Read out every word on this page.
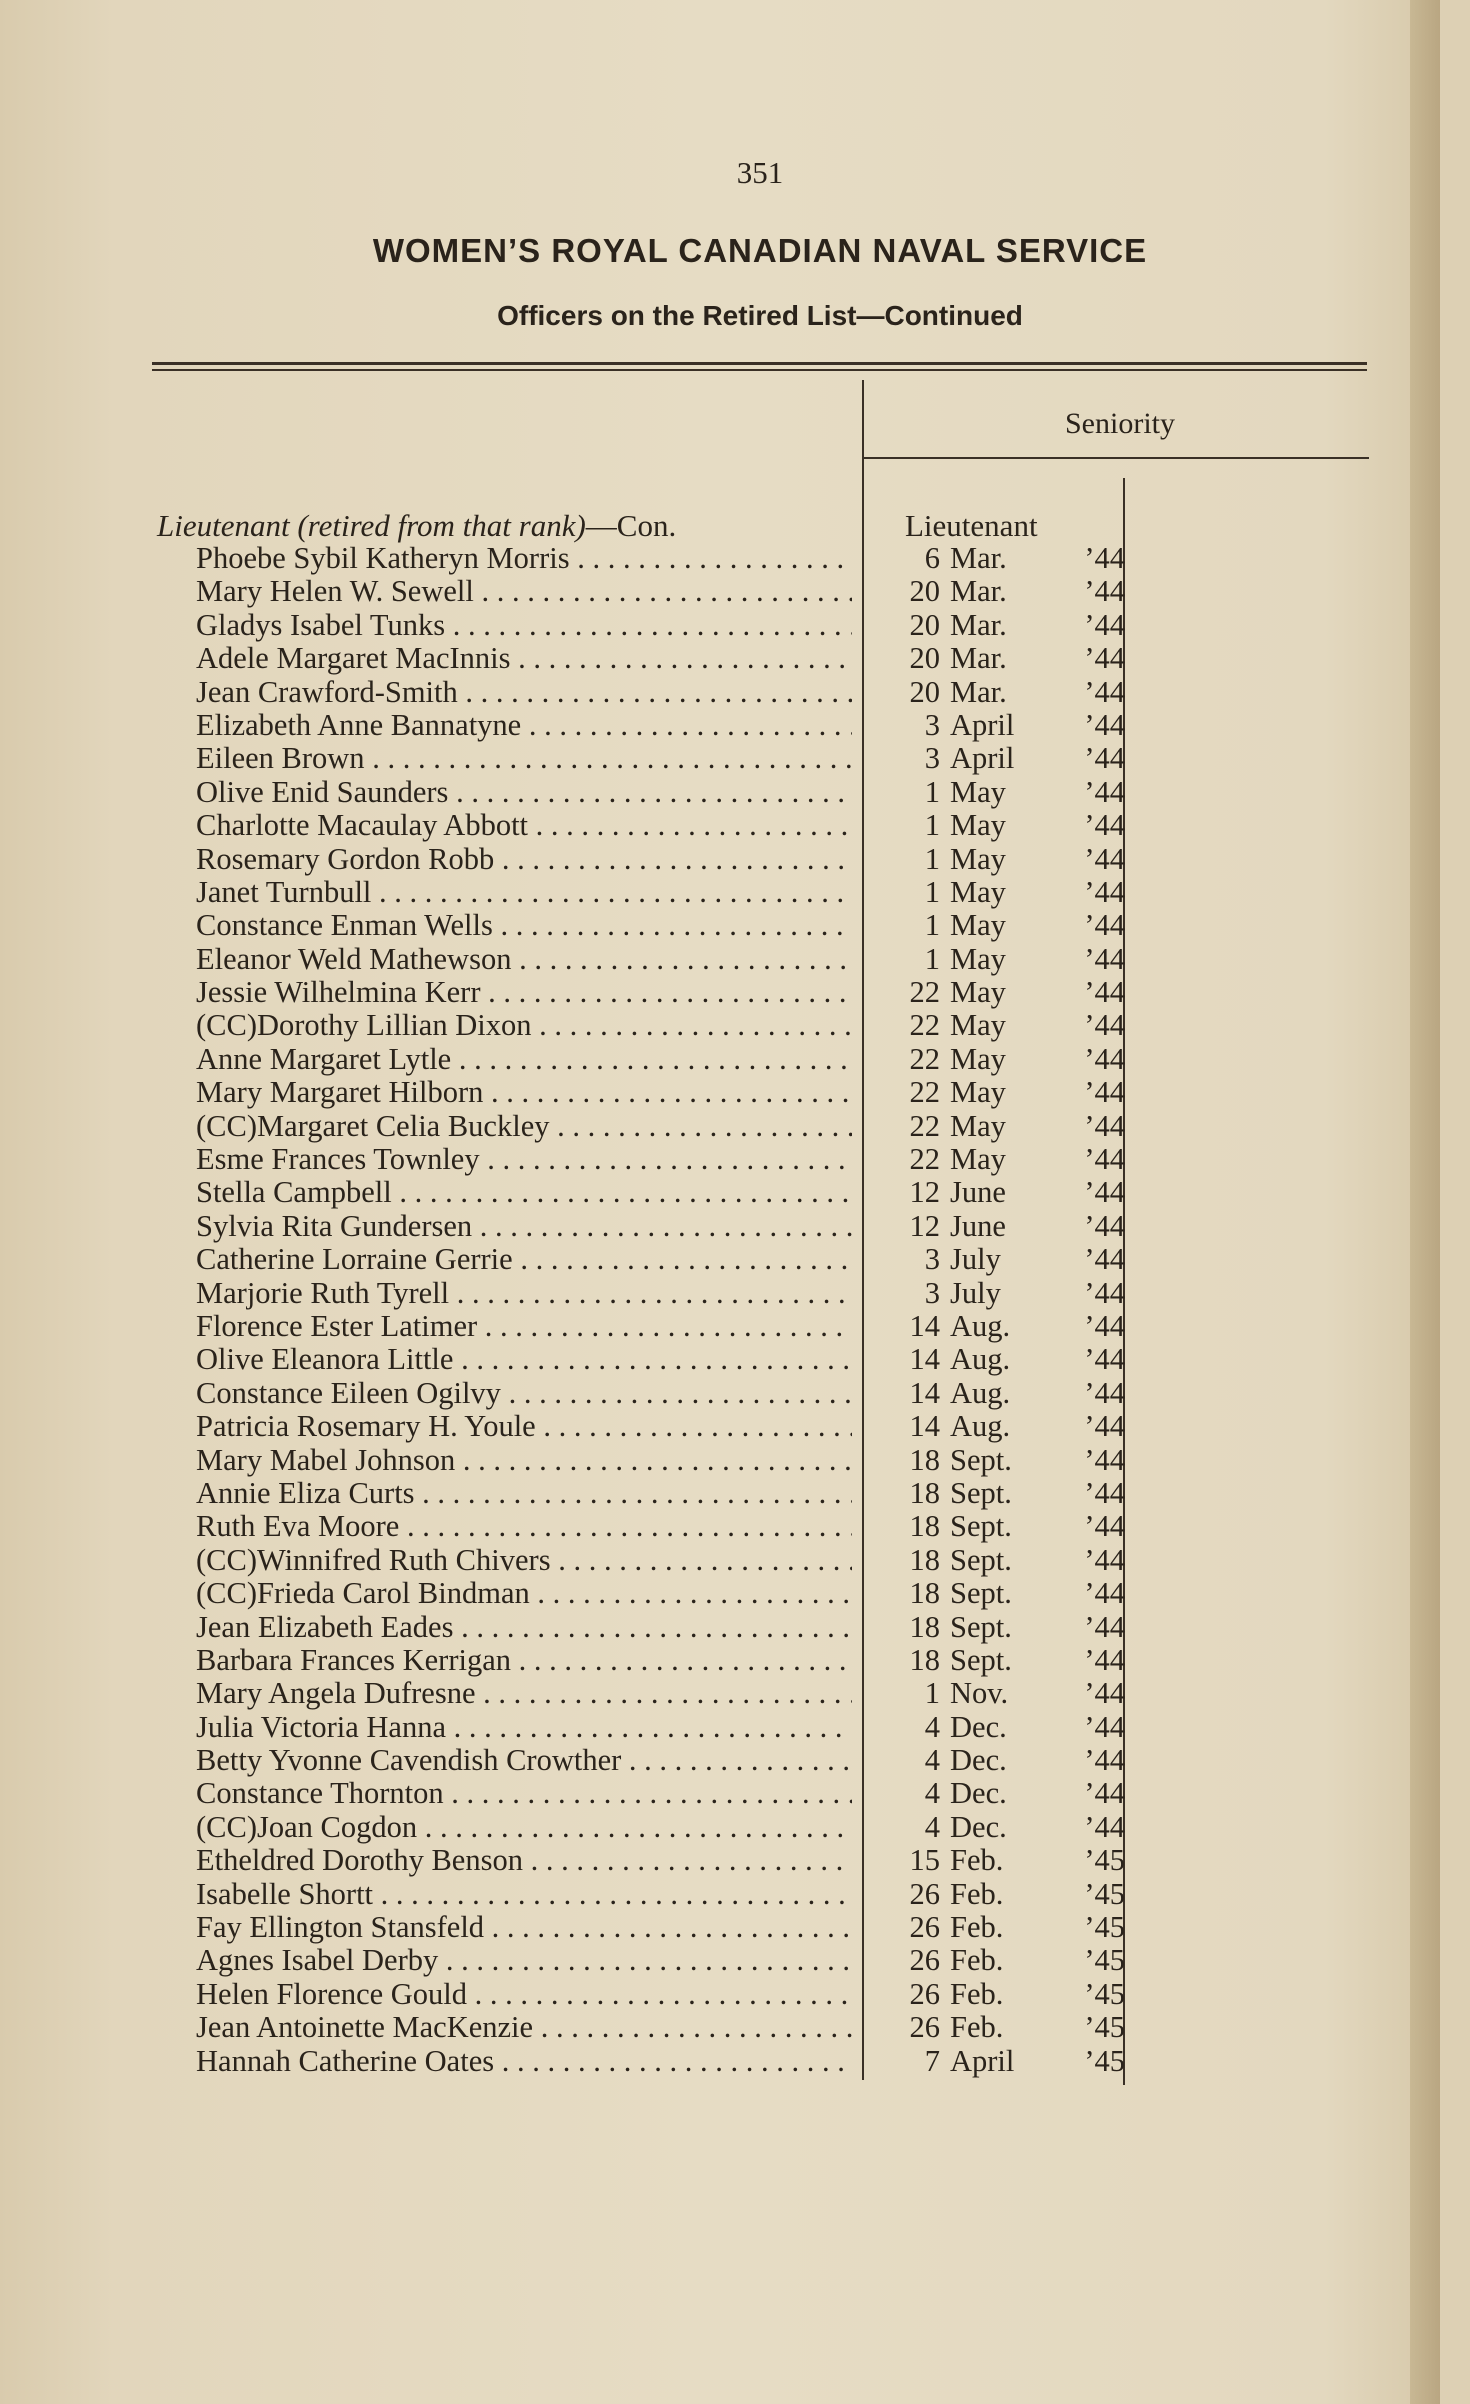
351
WOMEN’S ROYAL CANADIAN NAVAL SERVICE
Officers on the Retired List—Continued
Seniority
Lieutenant (retired from that rank)—Con.	Lieutenant
Phoebe Sybil Katheryn Morris . . .	6 Mar.	’44
Mary Helen W. Sewell . . .	20 Mar.	’44
Gladys Isabel Tunks . . .	20 Mar.	’44
Adele Margaret MacInnis . . .	20 Mar.	’44
Jean Crawford-Smith . . .	20 Mar.	’44
Elizabeth Anne Bannatyne . . .	3 April	’44
Eileen Brown . . .	3 April	’44
Olive Enid Saunders . . .	1 May	’44
Charlotte Macaulay Abbott . . .	1 May	’44
Rosemary Gordon Robb . . .	1 May	’44
Janet Turnbull . . .	1 May	’44
Constance Enman Wells . . .	1 May	’44
Eleanor Weld Mathewson . . .	1 May	’44
Jessie Wilhelmina Kerr . . .	22 May	’44
(CC)Dorothy Lillian Dixon . . .	22 May	’44
Anne Margaret Lytle . . .	22 May	’44
Mary Margaret Hilborn . . .	22 May	’44
(CC)Margaret Celia Buckley . . .	22 May	’44
Esme Frances Townley . . .	22 May	’44
Stella Campbell . . .	12 June	’44
Sylvia Rita Gundersen . . .	12 June	’44
Catherine Lorraine Gerrie . . .	3 July	’44
Marjorie Ruth Tyrell . . .	3 July	’44
Florence Ester Latimer . . .	14 Aug.	’44
Olive Eleanora Little . . .	14 Aug.	’44
Constance Eileen Ogilvy . . .	14 Aug.	’44
Patricia Rosemary H. Youle . . .	14 Aug.	’44
Mary Mabel Johnson . . .	18 Sept.	’44
Annie Eliza Curts . . .	18 Sept.	’44
Ruth Eva Moore . . .	18 Sept.	’44
(CC)Winnifred Ruth Chivers . . .	18 Sept.	’44
(CC)Frieda Carol Bindman . . .	18 Sept.	’44
Jean Elizabeth Eades . . .	18 Sept.	’44
Barbara Frances Kerrigan . . .	18 Sept.	’44
Mary Angela Dufresne . . .	1 Nov.	’44
Julia Victoria Hanna . . .	4 Dec.	’44
Betty Yvonne Cavendish Crowther . . .	4 Dec.	’44
Constance Thornton . . .	4 Dec.	’44
(CC)Joan Cogdon . . .	4 Dec.	’44
Etheldred Dorothy Benson . . .	15 Feb.	’45
Isabelle Shortt . . .	26 Feb.	’45
Fay Ellington Stansfeld . . .	26 Feb.	’45
Agnes Isabel Derby . . .	26 Feb.	’45
Helen Florence Gould . . .	26 Feb.	’45
Jean Antoinette MacKenzie . . .	26 Feb.	’45
Hannah Catherine Oates . . .	7 April	’45
